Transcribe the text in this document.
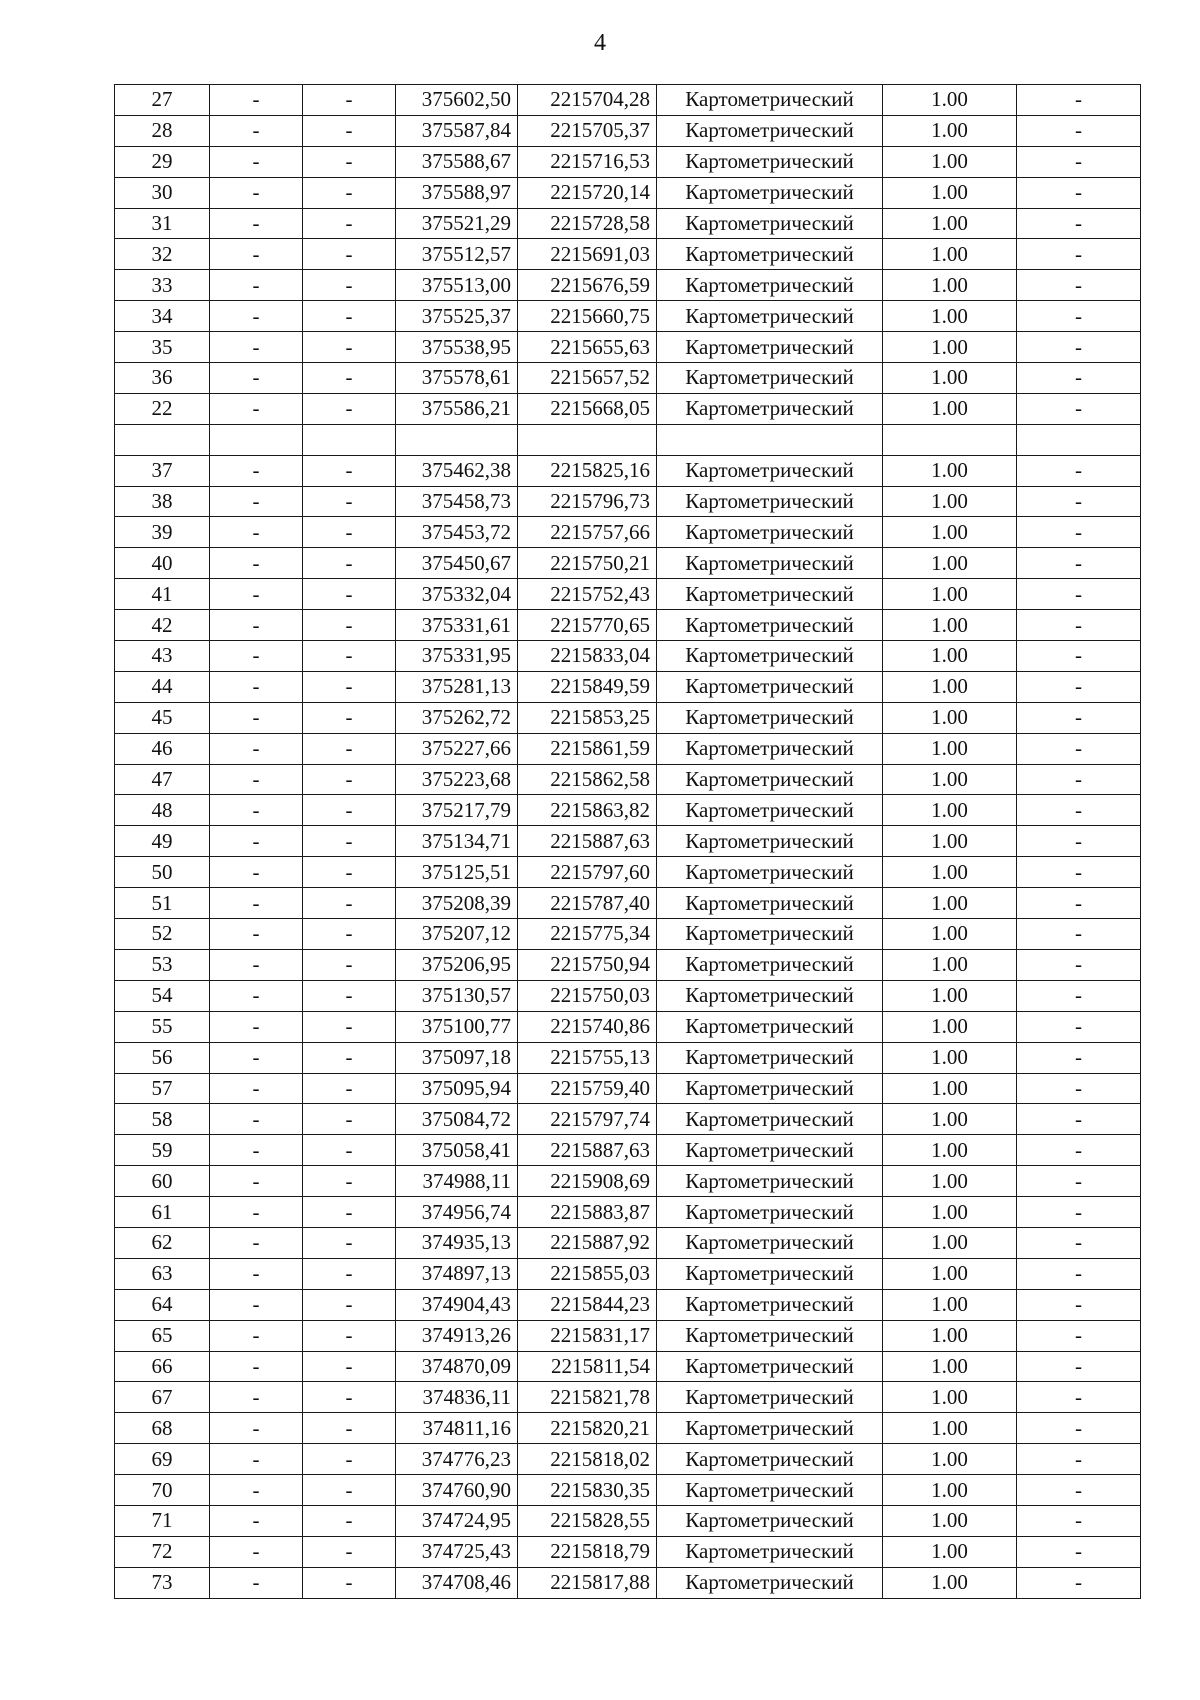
4
27	-	-	375602,50	2215704,28	Картометрический	1.00	-
28	-	-	375587,84	2215705,37	Картометрический	1.00	-
29	-	-	375588,67	2215716,53	Картометрический	1.00	-
30	-	-	375588,97	2215720,14	Картометрический	1.00	-
31	-	-	375521,29	2215728,58	Картометрический	1.00	-
32	-	-	375512,57	2215691,03	Картометрический	1.00	-
33	-	-	375513,00	2215676,59	Картометрический	1.00	-
34	-	-	375525,37	2215660,75	Картометрический	1.00	-
35	-	-	375538,95	2215655,63	Картометрический	1.00	-
36	-	-	375578,61	2215657,52	Картометрический	1.00	-
22	-	-	375586,21	2215668,05	Картометрический	1.00	-

37	-	-	375462,38	2215825,16	Картометрический	1.00	-
38	-	-	375458,73	2215796,73	Картометрический	1.00	-
39	-	-	375453,72	2215757,66	Картометрический	1.00	-
40	-	-	375450,67	2215750,21	Картометрический	1.00	-
41	-	-	375332,04	2215752,43	Картометрический	1.00	-
42	-	-	375331,61	2215770,65	Картометрический	1.00	-
43	-	-	375331,95	2215833,04	Картометрический	1.00	-
44	-	-	375281,13	2215849,59	Картометрический	1.00	-
45	-	-	375262,72	2215853,25	Картометрический	1.00	-
46	-	-	375227,66	2215861,59	Картометрический	1.00	-
47	-	-	375223,68	2215862,58	Картометрический	1.00	-
48	-	-	375217,79	2215863,82	Картометрический	1.00	-
49	-	-	375134,71	2215887,63	Картометрический	1.00	-
50	-	-	375125,51	2215797,60	Картометрический	1.00	-
51	-	-	375208,39	2215787,40	Картометрический	1.00	-
52	-	-	375207,12	2215775,34	Картометрический	1.00	-
53	-	-	375206,95	2215750,94	Картометрический	1.00	-
54	-	-	375130,57	2215750,03	Картометрический	1.00	-
55	-	-	375100,77	2215740,86	Картометрический	1.00	-
56	-	-	375097,18	2215755,13	Картометрический	1.00	-
57	-	-	375095,94	2215759,40	Картометрический	1.00	-
58	-	-	375084,72	2215797,74	Картометрический	1.00	-
59	-	-	375058,41	2215887,63	Картометрический	1.00	-
60	-	-	374988,11	2215908,69	Картометрический	1.00	-
61	-	-	374956,74	2215883,87	Картометрический	1.00	-
62	-	-	374935,13	2215887,92	Картометрический	1.00	-
63	-	-	374897,13	2215855,03	Картометрический	1.00	-
64	-	-	374904,43	2215844,23	Картометрический	1.00	-
65	-	-	374913,26	2215831,17	Картометрический	1.00	-
66	-	-	374870,09	2215811,54	Картометрический	1.00	-
67	-	-	374836,11	2215821,78	Картометрический	1.00	-
68	-	-	374811,16	2215820,21	Картометрический	1.00	-
69	-	-	374776,23	2215818,02	Картометрический	1.00	-
70	-	-	374760,90	2215830,35	Картометрический	1.00	-
71	-	-	374724,95	2215828,55	Картометрический	1.00	-
72	-	-	374725,43	2215818,79	Картометрический	1.00	-
73	-	-	374708,46	2215817,88	Картометрический	1.00	-
